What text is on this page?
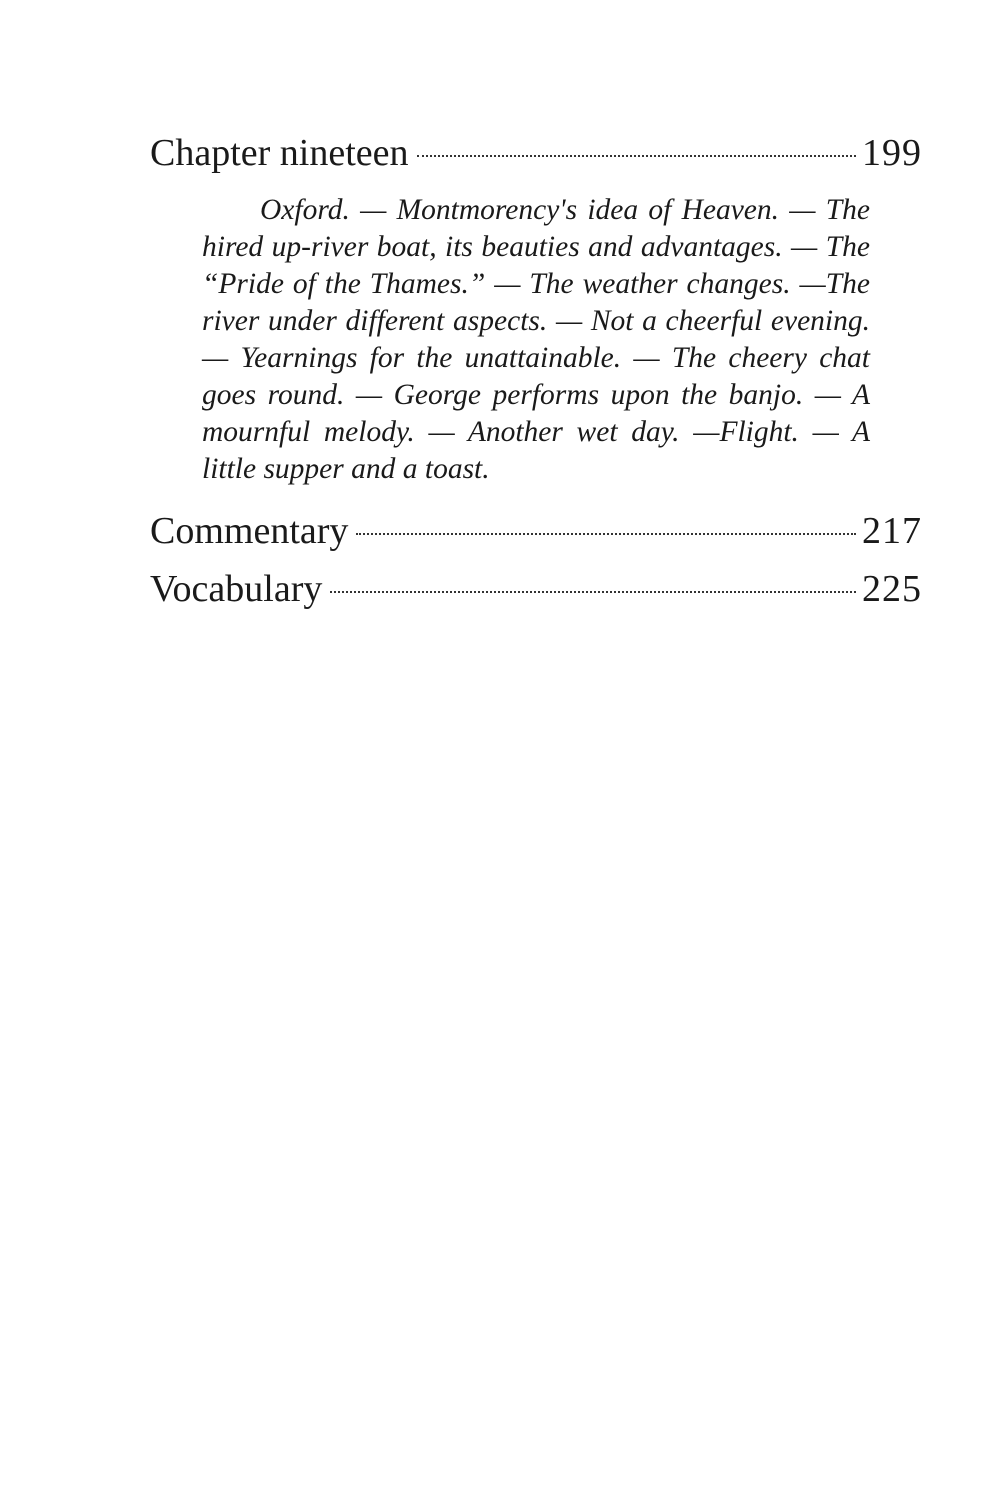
Chapter nineteen	199
Oxford. — Montmorency's idea of Heaven. — The hired up-river boat, its beauties and advantages. — The “Pride of the Thames.” — The weather changes. —The river under different aspects. — Not a cheerful evening. — Yearnings for the unattainable. — The cheery chat goes round. — George performs upon the banjo. — A mournful melody. — Another wet day. —Flight. — A little supper and a toast.
Commentary	217
Vocabulary	225
